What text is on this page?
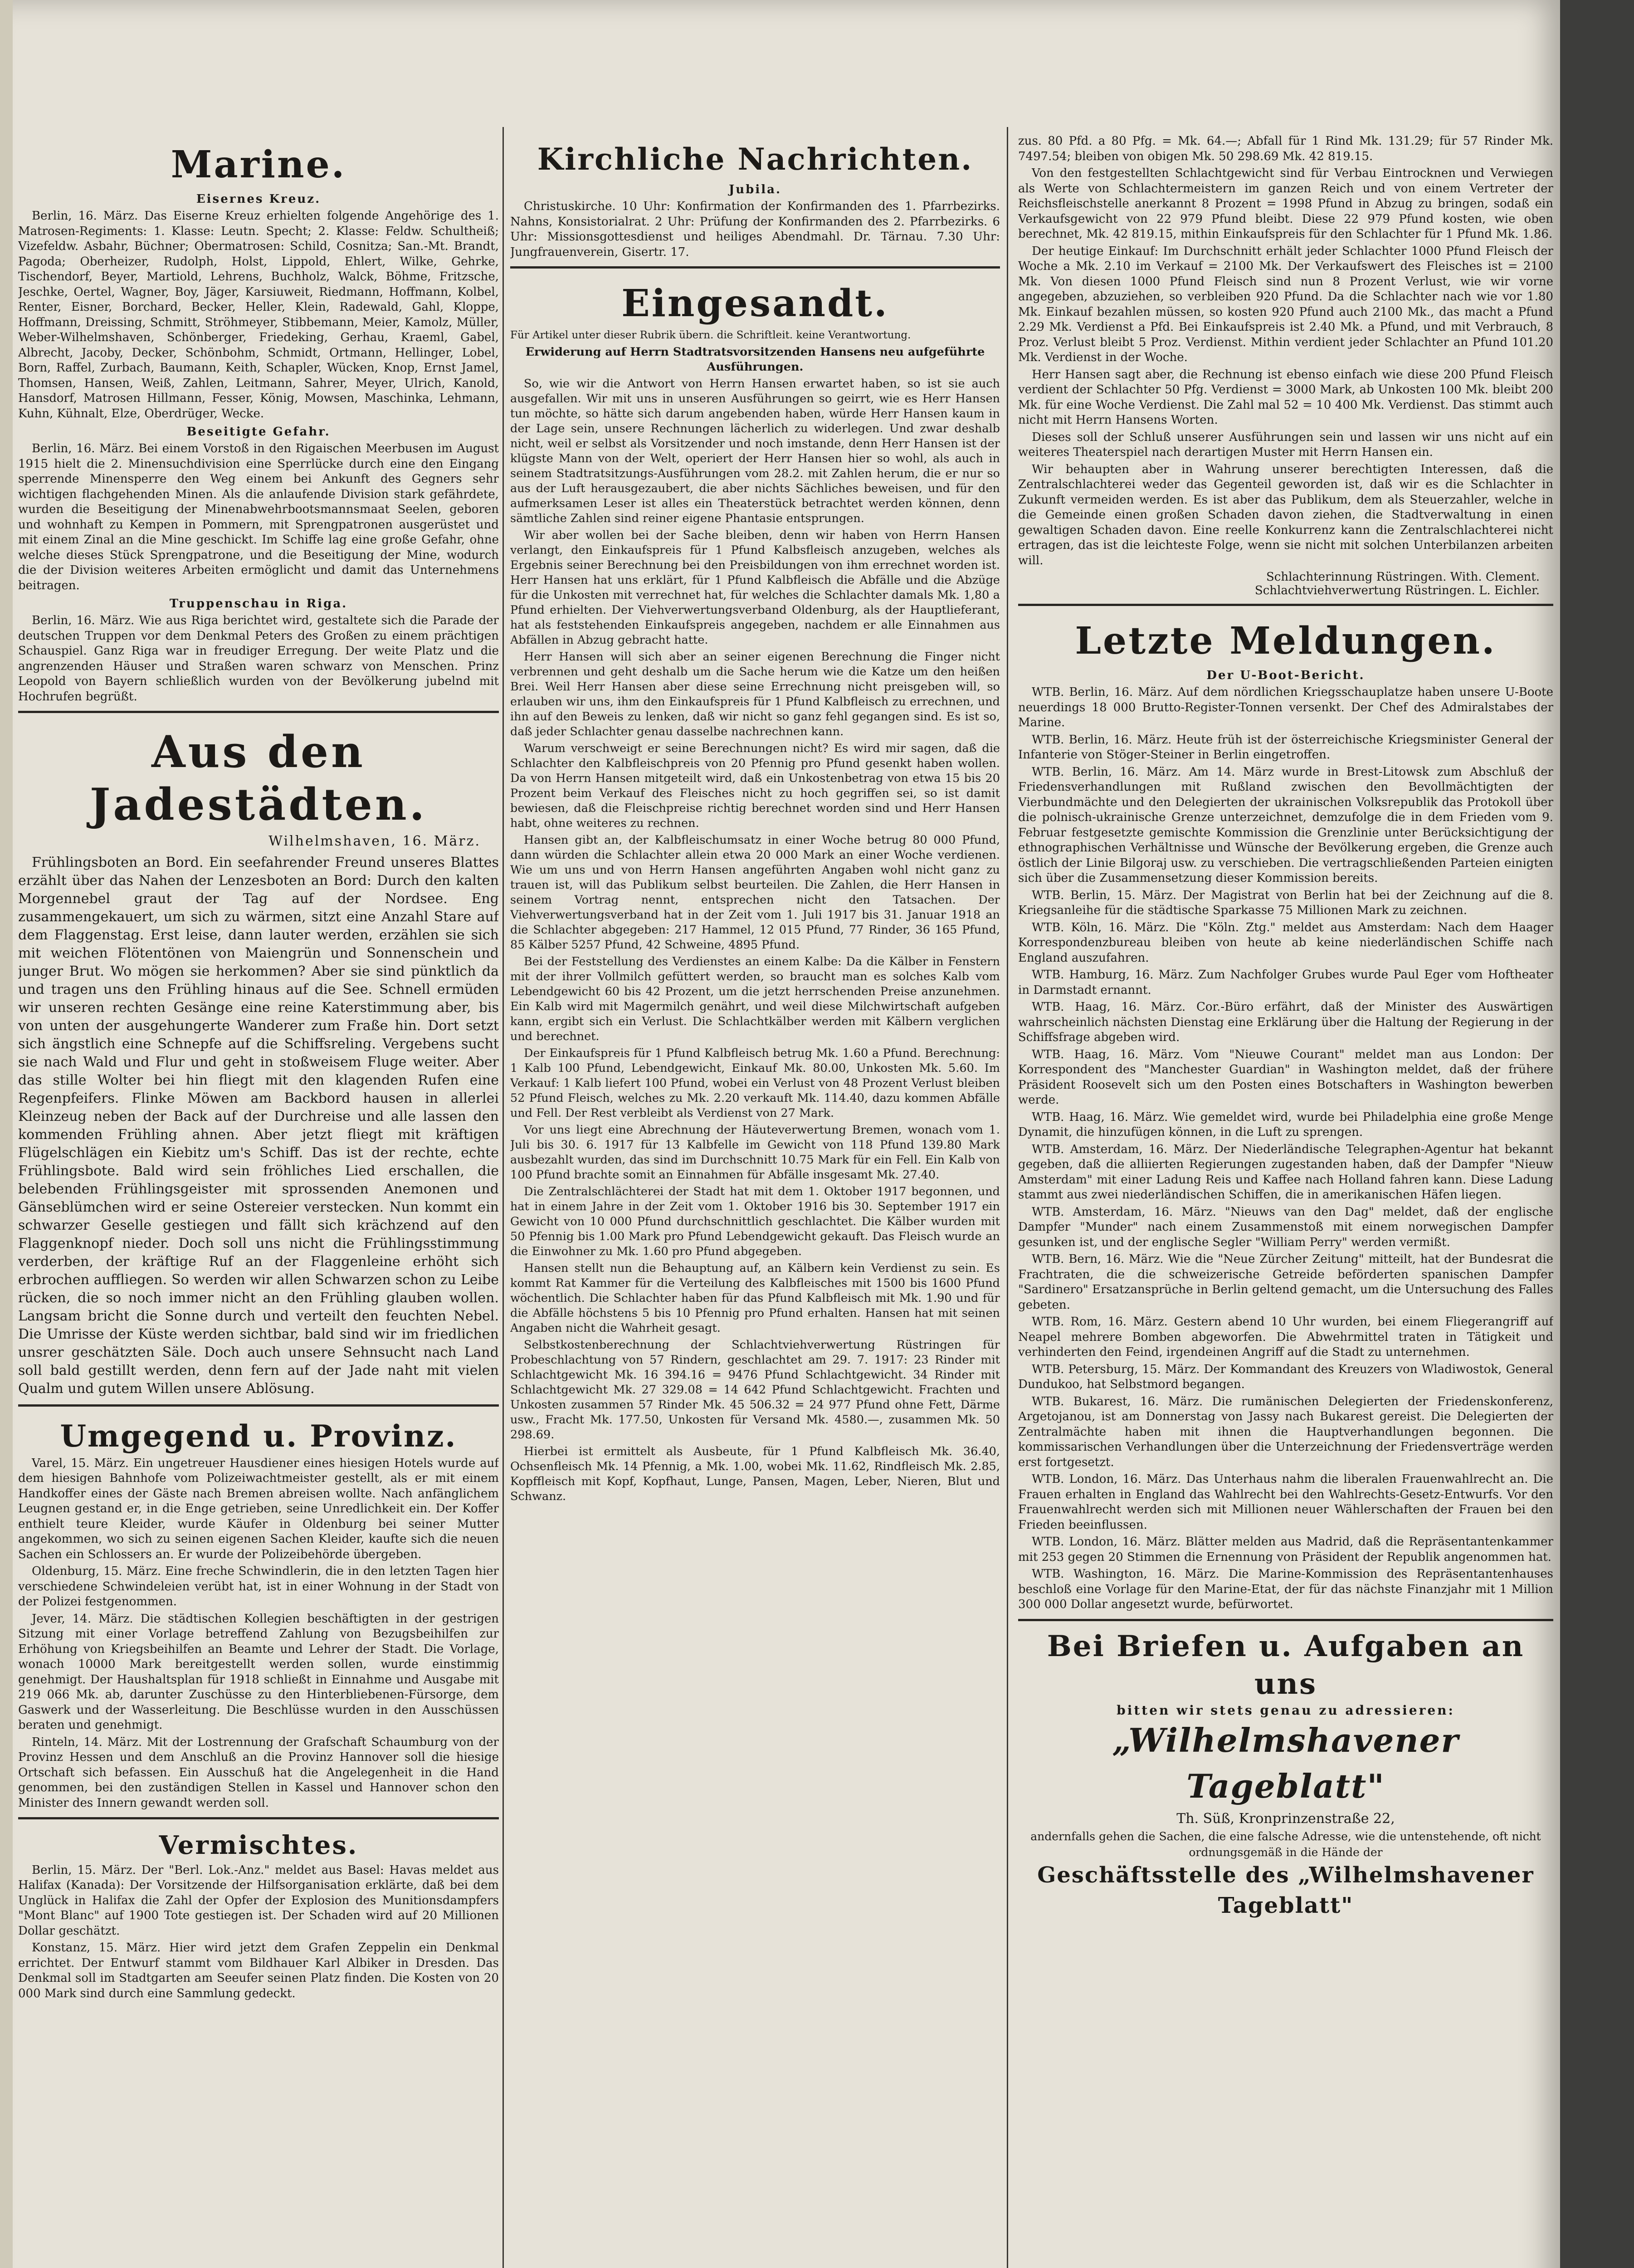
Marine.
Eisernes Kreuz.

Berlin, 16. März. Das Eiserne Kreuz erhielten folgende Angehörige des 1. Matrosen-Regiments: 1. Klasse: Leutn. Specht; 2. Klasse: Feldw. Schultheiß; Vizefeldw. Asbahr, Büchner; Obermatrosen: Schild, Cosnitza; San.-Mt. Brandt, Pagoda; Oberheizer, Rudolph, Holst, Lippold, Ehlert, Wilke, Gehrke, Tischendorf, Beyer, Martiold, Lehrens, Buchholz, Walck, Böhme, Fritzsche, Jeschke, Oertel, Wagner, Boy, Jäger, Karsiuweit, Riedmann, Hoffmann, Kolbel, Renter, Eisner, Borchard, Becker, Heller, Klein, Radewald, Gahl, Kloppe, Hoffmann, Dreissing, Schmitt, Ströhmeyer, Stibbemann, Meier, Kamolz, Müller, Weber-Wilhelmshaven, Schönberger, Friedeking, Gerhau, Kraeml, Gabel, Albrecht, Jacoby, Decker, Schönbohm, Schmidt, Ortmann, Hellinger, Lobel, Born, Raffel, Zurbach, Baumann, Keith, Schapler, Wücken, Knop, Ernst Jamel, Thomsen, Hansen, Weiß, Zahlen, Leitmann, Sahrer, Meyer, Ulrich, Kanold, Hansdorf, Matrosen Hillmann, Fesser, König, Mowsen, Maschinka, Lehmann, Kuhn, Kühnalt, Elze, Oberdrüger, Wecke.

Beseitigte Gefahr.

Berlin, 16. März. Bei einem Vorstoß in den Rigaischen Meerbusen im August 1915 hielt die 2. Minensuchdivision eine Sperrlücke durch eine den Eingang sperrende Minensperre den Weg einem bei Ankunft des Gegners sehr wichtigen flachgehenden Minen. Als die anlaufende Division stark gefährdete, wurden die Beseitigung der Minenabwehrbootsmannsmaat Seelen, geboren und wohnhaft zu Kempen in Pommern, mit Sprengpatronen ausgerüstet und mit einem Zinal an die Mine geschickt. Im Schiffe lag eine große Gefahr, ohne welche dieses Stück Sprengpatrone, und die Beseitigung der Mine, wodurch die der Division weiteres Arbeiten ermöglicht und damit das Unternehmens beitragen.

Truppenschau in Riga.

Berlin, 16. März. Wie aus Riga berichtet wird, gestaltete sich die Parade der deutschen Truppen vor dem Denkmal Peters des Großen zu einem prächtigen Schauspiel. Ganz Riga war in freudiger Erregung. Der weite Platz und die angrenzenden Häuser und Straßen waren schwarz von Menschen. Prinz Leopold von Bayern schließlich wurden von der Bevölkerung jubelnd mit Hochrufen begrüßt.

Aus den Jadestädten.
Wilhelmshaven, 16. März.

Frühlingsboten an Bord. Ein seefahrender Freund unseres Blattes erzählt über das Nahen der Lenzesboten an Bord: Durch den kalten Morgennebel graut der Tag auf der Nordsee. Eng zusammengekauert, um sich zu wärmen, sitzt eine Anzahl Stare auf dem Flaggenstag. Erst leise, dann lauter werden, erzählen sie sich mit weichen Flötentönen von Maiengrün und Sonnenschein und junger Brut. Wo mögen sie herkommen? Aber sie sind pünktlich da und tragen uns den Frühling hinaus auf die See. Schnell ermüden wir unseren rechten Gesänge eine reine Katerstimmung aber, bis von unten der ausgehungerte Wanderer zum Fraße hin. Dort setzt sich ängstlich eine Schnepfe auf die Schiffsreling. Vergebens sucht sie nach Wald und Flur und geht in stoßweisem Fluge weiter. Aber das stille Wolter bei hin fliegt mit den klagenden Rufen eine Regenpfeifers. Flinke Möwen am Backbord hausen in allerlei Kleinzeug neben der Back auf der Durchreise und alle lassen den kommenden Frühling ahnen. Aber jetzt fliegt mit kräftigen Flügelschlägen ein Kiebitz um's Schiff. Das ist der rechte, echte Frühlingsbote. Bald wird sein fröhliches Lied erschallen, die belebenden Frühlingsgeister mit sprossenden Anemonen und Gänseblümchen wird er seine Ostereier verstecken. Nun kommt ein schwarzer Geselle gestiegen und fällt sich krächzend auf den Flaggenknopf nieder. Doch soll uns nicht die Frühlingsstimmung verderben, der kräftige Ruf an der Flaggenleine erhöht sich erbrochen auffliegen. So werden wir allen Schwarzen schon zu Leibe rücken, die so noch immer nicht an den Frühling glauben wollen. Langsam bricht die Sonne durch und verteilt den feuchten Nebel. Die Umrisse der Küste werden sichtbar, bald sind wir im friedlichen unsrer geschätzten Säle. Doch auch unsere Sehnsucht nach Land soll bald gestillt werden, denn fern auf der Jade naht mit vielen Qualm und gutem Willen unsere Ablösung.

Umgegend u. Provinz.

Varel, 15. März. Ein ungetreuer Hausdiener eines hiesigen Hotels wurde auf dem hiesigen Bahnhofe vom Polizeiwachtmeister gestellt, als er mit einem Handkoffer eines der Gäste nach Bremen abreisen wollte. Nach anfänglichem Leugnen gestand er, in die Enge getrieben, seine Unredlichkeit ein. Der Koffer enthielt teure Kleider, wurde Käufer in Oldenburg bei seiner Mutter angekommen, wo sich zu seinen eigenen Sachen Kleider, kaufte sich die neuen Sachen ein Schlossers an. Er wurde der Polizeibehörde übergeben.

Oldenburg, 15. März. Eine freche Schwindlerin, die in den letzten Tagen hier verschiedene Schwindeleien verübt hat, ist in einer Wohnung in der Stadt von der Polizei festgenommen.

Jever, 14. März. Die städtischen Kollegien beschäftigten in der gestrigen Sitzung mit einer Vorlage betreffend Zahlung von Bezugsbeihilfen zur Erhöhung von Kriegsbeihilfen an Beamte und Lehrer der Stadt. Die Vorlage, wonach 10000 Mark bereitgestellt werden sollen, wurde einstimmig genehmigt. Der Haushaltsplan für 1918 schließt in Einnahme und Ausgabe mit 219 066 Mk. ab, darunter Zuschüsse zu den Hinterbliebenen-Fürsorge, dem Gaswerk und der Wasserleitung. Die Beschlüsse wurden in den Ausschüssen beraten und genehmigt.

Rinteln, 14. März. Mit der Lostrennung der Grafschaft Schaumburg von der Provinz Hessen und dem Anschluß an die Provinz Hannover soll die hiesige Ortschaft sich befassen. Ein Ausschuß hat die Angelegenheit in die Hand genommen, bei den zuständigen Stellen in Kassel und Hannover schon den Minister des Innern gewandt werden soll.

Vermischtes.

Berlin, 15. März. Der "Berl. Lok.-Anz." meldet aus Basel: Havas meldet aus Halifax (Kanada): Der Vorsitzende der Hilfsorganisation erklärte, daß bei dem Unglück in Halifax die Zahl der Opfer der Explosion des Munitionsdampfers "Mont Blanc" auf 1900 Tote gestiegen ist. Der Schaden wird auf 20 Millionen Dollar geschätzt.

Konstanz, 15. März. Hier wird jetzt dem Grafen Zeppelin ein Denkmal errichtet. Der Entwurf stammt vom Bildhauer Karl Albiker in Dresden. Das Denkmal soll im Stadtgarten am Seeufer seinen Platz finden. Die Kosten von 20 000 Mark sind durch eine Sammlung gedeckt.

Kirchliche Nachrichten.
Jubila.

Christuskirche. 10 Uhr: Konfirmation der Konfirmanden des 1. Pfarrbezirks. Nahns, Konsistorialrat. 2 Uhr: Prüfung der Konfirmanden des 2. Pfarrbezirks. 6 Uhr: Missionsgottesdienst und heiliges Abendmahl. Dr. Tärnau. 7.30 Uhr: Jungfrauenverein, Gisertr. 17.

Eingesandt.

Für Artikel unter dieser Rubrik übern. die Schriftleit. keine Verantwortung.

Erwiderung auf Herrn Stadtratsvorsitzenden Hansens neu aufgeführte Ausführungen.

So, wie wir die Antwort von Herrn Hansen erwartet haben, so ist sie auch ausgefallen. Wir mit uns in unseren Ausführungen so geirrt, wie es Herr Hansen tun möchte, so hätte sich darum angebenden haben, würde Herr Hansen kaum in der Lage sein, unsere Rechnungen lächerlich zu widerlegen. Und zwar deshalb nicht, weil er selbst als Vorsitzender und noch imstande, denn Herr Hansen ist der klügste Mann von der Welt, operiert der Herr Hansen hier so wohl, als auch in seinem Stadtratsitzungs-Ausführungen vom 28.2. mit Zahlen herum, die er nur so aus der Luft herausgezaubert, die aber nichts Sächliches beweisen, und für den aufmerksamen Leser ist alles ein Theaterstück betrachtet werden können, denn sämtliche Zahlen sind reiner eigene Phantasie entsprungen.

Wir aber wollen bei der Sache bleiben, denn wir haben von Herrn Hansen verlangt, den Einkaufspreis für 1 Pfund Kalbsfleisch anzugeben, welches als Ergebnis seiner Berechnung bei den Preisbildungen von ihm errechnet worden ist. Herr Hansen hat uns erklärt, für 1 Pfund Kalbfleisch die Abfälle und die Abzüge für die Unkosten mit verrechnet hat, für welches die Schlachter damals Mk. 1,80 a Pfund erhielten. Der Viehverwertungsverband Oldenburg, als der Hauptlieferant, hat als feststehenden Einkaufspreis angegeben, nachdem er alle Einnahmen aus Abfällen in Abzug gebracht hatte.

Herr Hansen will sich aber an seiner eigenen Berechnung die Finger nicht verbrennen und geht deshalb um die Sache herum wie die Katze um den heißen Brei. Weil Herr Hansen aber diese seine Errechnung nicht preisgeben will, so erlauben wir uns, ihm den Einkaufspreis für 1 Pfund Kalbfleisch zu errechnen, und ihn auf den Beweis zu lenken, daß wir nicht so ganz fehl gegangen sind. Es ist so, daß jeder Schlachter genau dasselbe nachrechnen kann.

Warum verschweigt er seine Berechnungen nicht? Es wird mir sagen, daß die Schlachter den Kalbfleischpreis von 20 Pfennig pro Pfund gesenkt haben wollen. Da von Herrn Hansen mitgeteilt wird, daß ein Unkostenbetrag von etwa 15 bis 20 Prozent beim Verkauf des Fleisches nicht zu hoch gegriffen sei, so ist damit bewiesen, daß die Fleischpreise richtig berechnet worden sind und Herr Hansen habt, ohne weiteres zu rechnen.

Hansen gibt an, der Kalbfleischumsatz in einer Woche betrug 80 000 Pfund, dann würden die Schlachter allein etwa 20 000 Mark an einer Woche verdienen. Wie um uns und von Herrn Hansen angeführten Angaben wohl nicht ganz zu trauen ist, will das Publikum selbst beurteilen. Die Zahlen, die Herr Hansen in seinem Vortrag nennt, entsprechen nicht den Tatsachen. Der Viehverwertungsverband hat in der Zeit vom 1. Juli 1917 bis 31. Januar 1918 an die Schlachter abgegeben: 217 Hammel, 12 015 Pfund, 77 Rinder, 36 165 Pfund, 85 Kälber 5257 Pfund, 42 Schweine, 4895 Pfund.

Bei der Feststellung des Verdienstes an einem Kalbe: Da die Kälber in Fenstern mit der ihrer Vollmilch gefüttert werden, so braucht man es solches Kalb vom Lebendgewicht 60 bis 42 Prozent, um die jetzt herrschenden Preise anzunehmen. Ein Kalb wird mit Magermilch genährt, und weil diese Milchwirtschaft aufgeben kann, ergibt sich ein Verlust. Die Schlachtkälber werden mit Kälbern verglichen und berechnet.

Der Einkaufspreis für 1 Pfund Kalbfleisch betrug Mk. 1.60 a Pfund. Berechnung: 1 Kalb 100 Pfund, Lebendgewicht, Einkauf Mk. 80.00, Unkosten Mk. 5.60. Im Verkauf: 1 Kalb liefert 100 Pfund, wobei ein Verlust von 48 Prozent Verlust bleiben 52 Pfund Fleisch, welches zu Mk. 2.20 verkauft Mk. 114.40, dazu kommen Abfälle und Fell. Der Rest verbleibt als Verdienst von 27 Mark.

Vor uns liegt eine Abrechnung der Häuteverwertung Bremen, wonach vom 1. Juli bis 30. 6. 1917 für 13 Kalbfelle im Gewicht von 118 Pfund 139.80 Mark ausbezahlt wurden, das sind im Durchschnitt 10.75 Mark für ein Fell. Ein Kalb von 100 Pfund brachte somit an Einnahmen für Abfälle insgesamt Mk. 27.40.

Die Zentralschlächterei der Stadt hat mit dem 1. Oktober 1917 begonnen, und hat in einem Jahre in der Zeit vom 1. Oktober 1916 bis 30. September 1917 ein Gewicht von 10 000 Pfund durchschnittlich geschlachtet. Die Kälber wurden mit 50 Pfennig bis 1.00 Mark pro Pfund Lebendgewicht gekauft. Das Fleisch wurde an die Einwohner zu Mk. 1.60 pro Pfund abgegeben.

Hansen stellt nun die Behauptung auf, an Kälbern kein Verdienst zu sein. Es kommt Rat Kammer für die Verteilung des Kalbfleisches mit 1500 bis 1600 Pfund wöchentlich. Die Schlachter haben für das Pfund Kalbfleisch mit Mk. 1.90 und für die Abfälle höchstens 5 bis 10 Pfennig pro Pfund erhalten. Hansen hat mit seinen Angaben nicht die Wahrheit gesagt.

Selbstkostenberechnung der Schlachtviehverwertung Rüstringen für Probeschlachtung von 57 Rindern, geschlachtet am 29. 7. 1917: 23 Rinder mit Schlachtgewicht Mk. 16 394.16 = 9476 Pfund Schlachtgewicht. 34 Rinder mit Schlachtgewicht Mk. 27 329.08 = 14 642 Pfund Schlachtgewicht. Frachten und Unkosten zusammen 57 Rinder Mk. 45 506.32 = 24 977 Pfund ohne Fett, Därme usw., Fracht Mk. 177.50, Unkosten für Versand Mk. 4580.—, zusammen Mk. 50 298.69.

Hierbei ist ermittelt als Ausbeute, für 1 Pfund Kalbfleisch Mk. 36.40, Ochsenfleisch Mk. 14 Pfennig, a Mk. 1.00, wobei Mk. 11.62, Rindfleisch Mk. 2.85, Kopffleisch mit Kopf, Kopfhaut, Lunge, Pansen, Magen, Leber, Nieren, Blut und Schwanz.

zus. 80 Pfd. a 80 Pfg. = Mk. 64.—; Abfall für 1 Rind Mk. 131.29; für 57 Rinder Mk. 7497.54; bleiben von obigen Mk. 50 298.69 Mk. 42 819.15.

Von den festgestellten Schlachtgewicht sind für Verbau Eintrocknen und Verwiegen als Werte von Schlachtermeistern im ganzen Reich und von einem Vertreter der Reichsfleischstelle anerkannt 8 Prozent = 1998 Pfund in Abzug zu bringen, sodaß ein Verkaufsgewicht von 22 979 Pfund bleibt. Diese 22 979 Pfund kosten, wie oben berechnet, Mk. 42 819.15, mithin Einkaufspreis für den Schlachter für 1 Pfund Mk. 1.86.

Der heutige Einkauf: Im Durchschnitt erhält jeder Schlachter 1000 Pfund Fleisch der Woche a Mk. 2.10 im Verkauf = 2100 Mk. Der Verkaufswert des Fleisches ist = 2100 Mk. Von diesen 1000 Pfund Fleisch sind nun 8 Prozent Verlust, wie wir vorne angegeben, abzuziehen, so verbleiben 920 Pfund. Da die Schlachter nach wie vor 1.80 Mk. Einkauf bezahlen müssen, so kosten 920 Pfund auch 2100 Mk., das macht a Pfund 2.29 Mk. Verdienst a Pfd. Bei Einkaufspreis ist 2.40 Mk. a Pfund, und mit Verbrauch, 8 Proz. Verlust bleibt 5 Proz. Verdienst. Mithin verdient jeder Schlachter an Pfund 101.20 Mk. Verdienst in der Woche.

Herr Hansen sagt aber, die Rechnung ist ebenso einfach wie diese 200 Pfund Fleisch verdient der Schlachter 50 Pfg. Verdienst = 3000 Mark, ab Unkosten 100 Mk. bleibt 200 Mk. für eine Woche Verdienst. Die Zahl mal 52 = 10 400 Mk. Verdienst. Das stimmt auch nicht mit Herrn Hansens Worten.

Dieses soll der Schluß unserer Ausführungen sein und lassen wir uns nicht auf ein weiteres Theaterspiel nach derartigen Muster mit Herrn Hansen ein.

Wir behaupten aber in Wahrung unserer berechtigten Interessen, daß die Zentralschlachterei weder das Gegenteil geworden ist, daß wir es die Schlachter in Zukunft vermeiden werden. Es ist aber das Publikum, dem als Steuerzahler, welche in die Gemeinde einen großen Schaden davon ziehen, die Stadtverwaltung in einen gewaltigen Schaden davon. Eine reelle Konkurrenz kann die Zentralschlachterei nicht ertragen, das ist die leichteste Folge, wenn sie nicht mit solchen Unterbilanzen arbeiten will.

Schlachterinnung Rüstringen. With. Clement.
Schlachtviehverwertung Rüstringen. L. Eichler.
Letzte Meldungen.
Der U-Boot-Bericht.

WTB. Berlin, 16. März. Auf dem nördlichen Kriegsschauplatze haben unsere U-Boote neuerdings 18 000 Brutto-Register-Tonnen versenkt. Der Chef des Admiralstabes der Marine.

WTB. Berlin, 16. März. Heute früh ist der österreichische Kriegsminister General der Infanterie von Stöger-Steiner in Berlin eingetroffen.

WTB. Berlin, 16. März. Am 14. März wurde in Brest-Litowsk zum Abschluß der Friedensverhandlungen mit Rußland zwischen den Bevollmächtigten der Vierbundmächte und den Delegierten der ukrainischen Volksrepublik das Protokoll über die polnisch-ukrainische Grenze unterzeichnet, demzufolge die in dem Frieden vom 9. Februar festgesetzte gemischte Kommission die Grenzlinie unter Berücksichtigung der ethnographischen Verhältnisse und Wünsche der Bevölkerung ergeben, die Grenze auch östlich der Linie Bilgoraj usw. zu verschieben. Die vertragschließenden Parteien einigten sich über die Zusammensetzung dieser Kommission bereits.

WTB. Berlin, 15. März. Der Magistrat von Berlin hat bei der Zeichnung auf die 8. Kriegsanleihe für die städtische Sparkasse 75 Millionen Mark zu zeichnen.

WTB. Köln, 16. März. Die "Köln. Ztg." meldet aus Amsterdam: Nach dem Haager Korrespondenzbureau bleiben von heute ab keine niederländischen Schiffe nach England auszufahren.

WTB. Hamburg, 16. März. Zum Nachfolger Grubes wurde Paul Eger vom Hoftheater in Darmstadt ernannt.

WTB. Haag, 16. März. Cor.-Büro erfährt, daß der Minister des Auswärtigen wahrscheinlich nächsten Dienstag eine Erklärung über die Haltung der Regierung in der Schiffsfrage abgeben wird.

WTB. Haag, 16. März. Vom "Nieuwe Courant" meldet man aus London: Der Korrespondent des "Manchester Guardian" in Washington meldet, daß der frühere Präsident Roosevelt sich um den Posten eines Botschafters in Washington bewerben werde.

WTB. Haag, 16. März. Wie gemeldet wird, wurde bei Philadelphia eine große Menge Dynamit, die hinzufügen können, in die Luft zu sprengen.

WTB. Amsterdam, 16. März. Der Niederländische Telegraphen-Agentur hat bekannt gegeben, daß die alliierten Regierungen zugestanden haben, daß der Dampfer "Nieuw Amsterdam" mit einer Ladung Reis und Kaffee nach Holland fahren kann. Diese Ladung stammt aus zwei niederländischen Schiffen, die in amerikanischen Häfen liegen.

WTB. Amsterdam, 16. März. "Nieuws van den Dag" meldet, daß der englische Dampfer "Munder" nach einem Zusammenstoß mit einem norwegischen Dampfer gesunken ist, und der englische Segler "William Perry" werden vermißt.

WTB. Bern, 16. März. Wie die "Neue Zürcher Zeitung" mitteilt, hat der Bundesrat die Frachtraten, die die schweizerische Getreide beförderten spanischen Dampfer "Sardinero" Ersatzansprüche in Berlin geltend gemacht, um die Untersuchung des Falles gebeten.

WTB. Rom, 16. März. Gestern abend 10 Uhr wurden, bei einem Fliegerangriff auf Neapel mehrere Bomben abgeworfen. Die Abwehrmittel traten in Tätigkeit und verhinderten den Feind, irgendeinen Angriff auf die Stadt zu unternehmen.

WTB. Petersburg, 15. März. Der Kommandant des Kreuzers von Wladiwostok, General Dundukoo, hat Selbstmord begangen.

WTB. Bukarest, 16. März. Die rumänischen Delegierten der Friedenskonferenz, Argetojanou, ist am Donnerstag von Jassy nach Bukarest gereist. Die Delegierten der Zentralmächte haben mit ihnen die Hauptverhandlungen begonnen. Die kommissarischen Verhandlungen über die Unterzeichnung der Friedensverträge werden erst fortgesetzt.

WTB. London, 16. März. Das Unterhaus nahm die liberalen Frauenwahlrecht an. Die Frauen erhalten in England das Wahlrecht bei den Wahlrechts-Gesetz-Entwurfs. Vor den Frauenwahlrecht werden sich mit Millionen neuer Wählerschaften der Frauen bei den Frieden beeinflussen.

WTB. London, 16. März. Blätter melden aus Madrid, daß die Repräsentantenkammer mit 253 gegen 20 Stimmen die Ernennung von Präsident der Republik angenommen hat.

WTB. Washington, 16. März. Die Marine-Kommission des Repräsentantenhauses beschloß eine Vorlage für den Marine-Etat, der für das nächste Finanzjahr mit 1 Million 300 000 Dollar angesetzt wurde, befürwortet.

Bei Briefen u. Aufgaben an uns
bitten wir stets genau zu adressieren:
„Wilhelmshavener Tageblatt"
Th. Süß, Kronprinzenstraße 22,
andernfalls gehen die Sachen, die eine falsche Adresse, wie die untenstehende, oft nicht ordnungsgemäß in die Hände der
Geschäftsstelle des „Wilhelmshavener Tageblatt"
